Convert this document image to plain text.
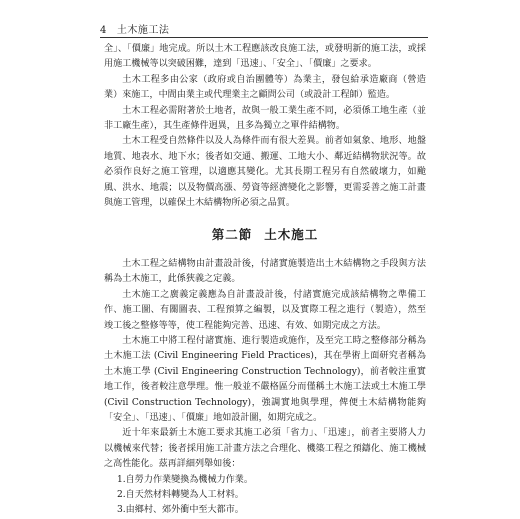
4 土木施工法

全」、「價廉」地完成。所以土木工程應該改良施工法，或發明新的施工法，或採用施工機械等以突破困難，達到「迅速」、「安全」、「價廉」之要求。

土木工程多由公家（政府或自治團體等）為業主，發包給承造廠商（營造業）來施工，中間由業主或代理業主之顧問公司（或設計工程師）監造。

土木工程必需附著於土地者，故與一般工業生產不同，必須係工地生產（並非工廠生產），其生產條件迥異，且多為獨立之單件結構物。

土木工程受自然條件以及人為條件而有很大差異。前者如氣象、地形、地盤地質、地表水、地下水；後者如交通、搬運、工地大小、鄰近結構物狀況等。故必須作良好之施工管理，以適應其變化。尤其長期工程另有自然破壞力，如颱風、洪水、地震；以及物價高漲、勞資等經濟變化之影響，更需妥善之施工計畫與施工管理，以確保土木結構物所必須之品質。

第二節 土木施工

土木工程之結構物由計畫設計後，付諸實施製造出土木結構物之手段與方法稱為土木施工，此係狹義之定義。

土木施工之廣義定義應為自計畫設計後，付諸實施完成該結構物之準備工作、施工圖、有關圖表、工程預算之編製，以及實際工程之進行（製造），然至竣工後之整修等等，使工程能夠完善、迅速、有效、如期完成之方法。

土木施工中將工程付諸實施、進行製造或施作，及至完工時之整修部分稱為土木施工法 (Civil Engineering Field Practices)，其在學術上面研究者稱為土木施工學 (Civil Engineering Construction Technology)，前者較注重實地工作，後者較注意學理。惟一般並不嚴格區分而僅稱土木施工法或土木施工學 (Civil Construction Technology)，強調實地與學理，俾便土木結構物能夠「安全」、「迅速」、「價廉」地如設計圖，如期完成之。

近十年來最新土木施工要求其施工必須「省力」、「迅速」，前者主要將人力以機械來代替；後者採用施工計畫方法之合理化、機築工程之預鑄化、施工機械之高性能化。茲再詳細列舉如後：

1.自勞力作業變換為機械力作業。
2.自天然材料轉變為人工材料。
3.由鄉村、郊外衝中至大都市。
